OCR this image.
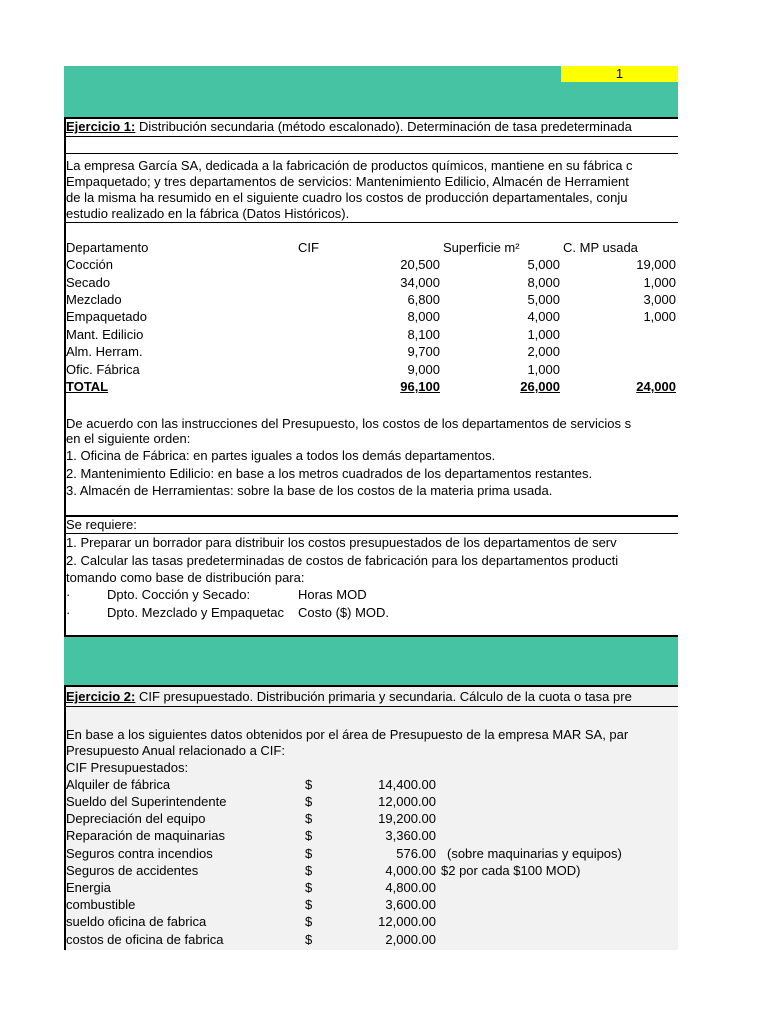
1
Ejercicio 1: Distribución secundaria (método escalonado). Determinación de tasa predeterminada
La empresa García SA, dedicada a la fabricación de productos químicos, mantiene en su fábrica c
Empaquetado; y tres departamentos de servicios: Mantenimiento Edilicio, Almacén de Herramient
de la misma ha resumido en el siguiente cuadro los costos de producción departamentales, conju
estudio realizado en la fábrica (Datos Históricos).
Departamento	CIF	Superficie m²	C. MP usada
Cocción	20,500	5,000	19,000
Secado	34,000	8,000	1,000
Mezclado	6,800	5,000	3,000
Empaquetado	8,000	4,000	1,000
Mant. Edilicio	8,100	1,000
Alm. Herram.	9,700	2,000
Ofic. Fábrica	9,000	1,000
TOTAL	96,100	26,000	24,000
De acuerdo con las instrucciones del Presupuesto, los costos de los departamentos de servicios s
en el siguiente orden:
1. Oficina de Fábrica: en partes iguales a todos los demás departamentos.
2. Mantenimiento Edilicio: en base a los metros cuadrados de los departamentos restantes.
3. Almacén de Herramientas: sobre la base de los costos de la materia prima usada.
Se requiere:
1. Preparar un borrador para distribuir los costos presupuestados de los departamentos de serv
2. Calcular las tasas predeterminadas de costos de fabricación para los departamentos producti
tomando como base de distribución para:
·	Dpto. Cocción y Secado:	Horas MOD
·	Dpto. Mezclado y Empaquetac	Costo ($) MOD.
Ejercicio 2: CIF presupuestado. Distribución primaria y secundaria. Cálculo de la cuota o tasa pre
En base a los siguientes datos obtenidos por el área de Presupuesto de la empresa MAR SA, par
Presupuesto Anual relacionado a CIF:
CIF Presupuestados:
Alquiler de fábrica	$	14,400.00
Sueldo del Superintendente	$	12,000.00
Depreciación del equipo	$	19,200.00
Reparación de maquinarias	$	3,360.00
Seguros contra incendios	$	576.00 (sobre maquinarias y equipos)
Seguros de accidentes	$	4,000.00 $2 por cada $100 MOD)
Energia	$	4,800.00
combustible	$	3,600.00
sueldo oficina de fabrica	$	12,000.00
costos de oficina de fabrica	$	2,000.00
